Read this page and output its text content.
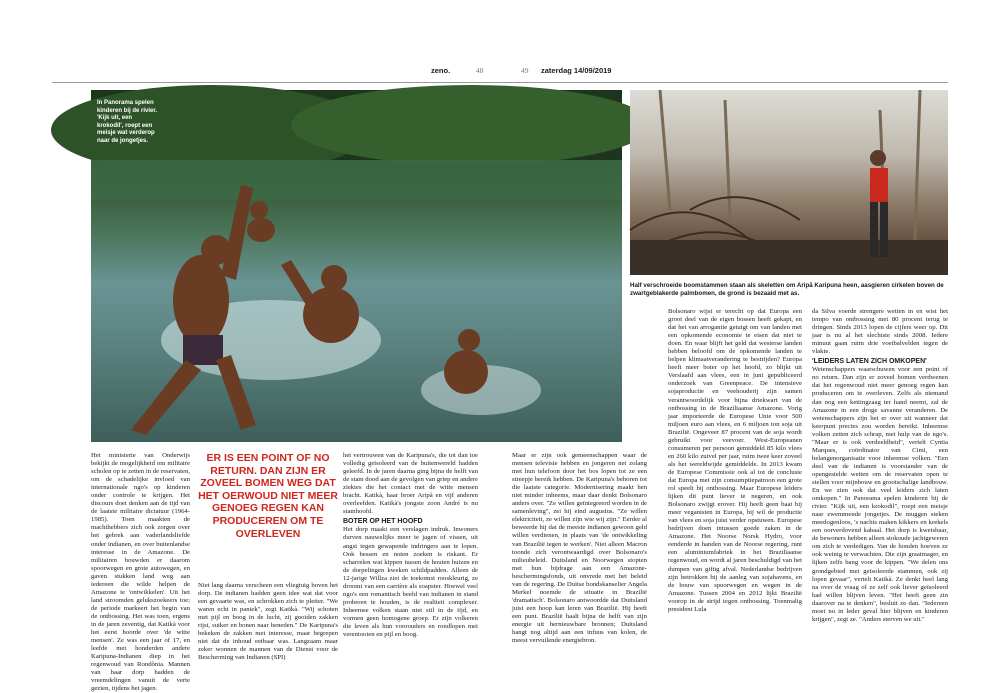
zeno.	48	49 zaterdag 14/09/2019
In Panorama spelen kinderen bij de rivier. 'Kijk uit, een krokodil', roept een meisje wat verderop naar de jongetjes.
Half verschroeide boomstammen staan als skeletten om Aripã Karipuna heen, aasgieren cirkelen boven de zwartgeblakerde palmbomen, de grond is bezaaid met as.

Het ministerie van Onderwijs bekijkt de mogelijkheid om militaire scholen op te zetten in de reservaten, om de schadelijke invloed van internationale ngo's op kinderen onder controle te krijgen. Het discours doet denken aan de tijd van de laatste militaire dictatuur (1964-1985). Toen maakten de machthebbers zich ook zorgen over het gebrek aan vaderlandsliefde onder indianen, en over buitenlandse interesse in de Amazone. De militairen bouwden er daarom spoorwegen en grote autowegen, en gaven stukken land weg aan iedereen die wilde helpen de Amazone te 'ontwikkelen'. Uit het land stroomden gelukszoekeers toe; de periode markeert het begin van de ontbossing. Het was toen, ergens in de jaren zeventig, dat Katikà voor het eerst hoorde over 'de witte mensen'. Ze was een jaar of 17, en leefde met honderden andere Karipuna-Indianen diep in het regenwoud van Rondônia. Mannen van haar dorp hadden de vreemdelingen vanuit de verte gezien, tijdens het jagen.

ER IS EEN POINT OF NO RETURN. DAN ZIJN ER ZOVEEL BOMEN WEG DAT HET OERWOUD NIET MEER GENOEG REGEN KAN PRODUCEREN OM TE OVERLEVEN

Niet lang daarna verscheen een vliegtuig boven het dorp. De indianen hadden geen idee wat dat voor een gevaarte was, en schrokken zich te pletter. "We waren echt in paniek", zegt Katikà. "Wij schoten met pijl en boog in de lucht, zij gooiden zakken rijst, suiker en bonen naar beneden." De Karipuna's bekeken de zakken met interesse, maar begrepen niet dat de inhoud eetbaar was. Langzaam maar zeker wonnen de mannen van de Dienst voor de Bescherming van Indianen (SPI)

het vertrouwen van de Karipuna's, die tot dan toe volledig geïsoleerd van de buitenwereld hadden geleefd. In de jaren daarna ging bijna de helft van de stam dood aan de gevolgen van griep en andere ziektes die het contact met de witte mensen bracht. Katikà, haar broer Aripã en vijf anderen overleefden. Katikà's jongste zoon André is nu stamhoofd.

BOTER OP HET HOOFD

Het dorp maakt een verslagen indruk. Inwoners durven nauwelijks meer te jagen of vissen, uit angst tegen gewapende indringers aan te lopen. Ook bessen en noten zoeken is riskant. Er scharrelen wat kippen tussen de houten huizen en de dorpelingen kweken schildpadden. Alleen de 12-jarige Willza ziet de toekomst rooskleurig, ze droomt van een carrière als soapster. Hoewel veel ngo's een romantisch beeld van indianen in stand proberen te houden, is de realiteit complexer. Inheemse volken staan niet stil in de tijd, en vormen geen homogene groep. Er zijn volkeren die leven als hun voorouders en rondlopen met verentooien en pijl en boog.

Maar er zijn ook gemeenschappen waar de mensen televisie hebben en jongeren net zolang met hun telefoon door het bos lopen tot ze een streepje bereik hebben. De Karipuna's behoren tot die laatste categorie. Modernisering maakt hen niet minder inheems, maar daar denkt Bolsonaro anders over. "Ze willen geïntegreerd worden in de samenleving", zei hij eind augustus. "Ze willen elektriciteit, ze willen zijn wie wij zijn." Eerder al beweerde hij dat de meeste indianen gewoon geld willen verdienen, in plaats van 'de ontwikkeling van Brazilië tegen te werken'. Niet alleen Macron toonde zich verontwaardigd over Bolsonaro's milieubeleid. Duitsland en Noorwegen stopten met hun bijdrage aan een Amazone-beschermingsfonds, uit onvrede met het beleid van de regering. De Duitse bondskanselier Angela Merkel noemde de situatie in Brazilië 'dramatisch'. Bolsonaro antwoordde dat Duitsland juist een hoop kan leren van Brazilië. Hij heeft een punt. Brazilië haalt bijna de helft van zijn energie uit hernieuwbare bronnen; Duitsland hangt nog altijd aan een infuus van kolen, de meest vervuilende energiebron.

Bolsonaro wijst er terecht op dat Europa een groot deel van de eigen bossen heeft gekapt, en dat het van arrogantie getuigt om van landen met een opkomende economie te eisen dat niet te doen. En waar blijft het geld dat westerse landen hebben beloofd om de opkomende landen te helpen klimaatverandering te bestrijden? Europa heeft meer boter op het hoofd, zo blijkt uit Verslaafd aan vlees, een in juni gepubliceerd onderzoek van Greenpeace. De intensieve sojaproductie en veehouderij zijn samen verantwoordelijk voor bijna driekwart van de ontbossing in de Braziliaanse Amazone. Vorig jaar importeerde de Europese Unie voor 500 miljoen euro aan vlees, en 6 miljoen ton soja uit Brazilië. Ongeveer 87 procent van de soja wordt gebruikt voor veevoer. West-Europeanen consumeren per persoon gemiddeld 85 kilo vlees en 260 kilo zuivel per jaar, ruim twee keer zoveel als het wereldwijde gemiddelde. In 2013 kwam de Europese Commissie ook al tot de conclusie dat Europa met zijn consumptiepatroon een grote rol speelt bij ontbossing. Maar Europese leiders lijken dit punt liever te negeren, en ook Bolsonaro zwijgt erover. Hij heeft geen baat bij meer veganisten in Europa, bij wil de productie van vlees en soja juist verder opstuwen. Europese bedrijven doen intussen goede zaken in de Amazone. Het Noorse Norsk Hydro, voor eenderde in handen van de Noorse regering, runt een aluminiumfabriek in het Braziliaanse regenwoud, en wordt al jaren beschuldigd van het dumpen van giftig afval. Nederlandse bedrijven zijn betrokken bij de aanleg van sojahavens, en de bouw van spoorwegen en wegen in de Amazone. Tussen 2004 en 2012 lijkt Brazilië voorop in de strijd tegen ontbossing. Toenmalig president Lula

da Silva voerde strengere wetten in en wist het tempo van ontbossing met 80 procent terug te dringen. Sinds 2013 lopen de cijfers weer op. Dit jaar is nu al het slechtste sinds 2008. Iedere minuut gaan ruim drie voetbalvelden tegen de vlakte.

'LEIDERS LATEN ZICH OMKOPEN'

Wetenschappers waarschuwen voor een point of no return. Dan zijn er zoveel bomen verdwenen dat het regenwoud niet meer genoeg regen kan produceren om te overleven. Zelfs als niemand dan nog een kettingzaag ter hand neemt, zal de Amazone in een droge savanne veranderen. De wetenschappers zijn het er over uit wanneer dat keerpunt precies zou worden bereikt. Inheemse volken zetten zich schrap, met hulp van de ngo's. "Maar er is ook verdeeldheid", vertelt Cyntia Marques, coördinator van Cimi, een belangenorganisatie voor inheemse volken. "Een deel van de indianen is voorstander van de opengestelde wetten om de reservaten open te stellen voor mijnbouw en grootschalige landbouw. En we zien ook dat veel leiders zich laten omkopen." In Panorama spelen kinderen bij de rivier. "Kijk uit, een krokodil", roept een meisje naar zwemmende jongetjes. De muggen steken meedogenloos, 's nachts maken kikkers en krekels een oorverdovend kabaal. Het dorp is kwetsbaar, de bewoners hebben alleen stokoude jachtgeweren om zich te verdedigen. Van de honden hoeven ze ook weinig te verwachten. Die zijn graatmager, en lijken zelfs bang voor de kippen. "We delen ons grondgebied met geïsoleerde stammen, ook zij lopen gevaar", vertelt Katikà. Ze denkt heel lang na over de vraag of ze zelf ook liever geïsoleerd had willen blijven leven. "Het heeft geen zin daarover na te denken", besluit ze dan. "Iedereen moet nu in leder geval hier blijven en kinderen krijgen", zegt ze. "Anders sterven we uit."
